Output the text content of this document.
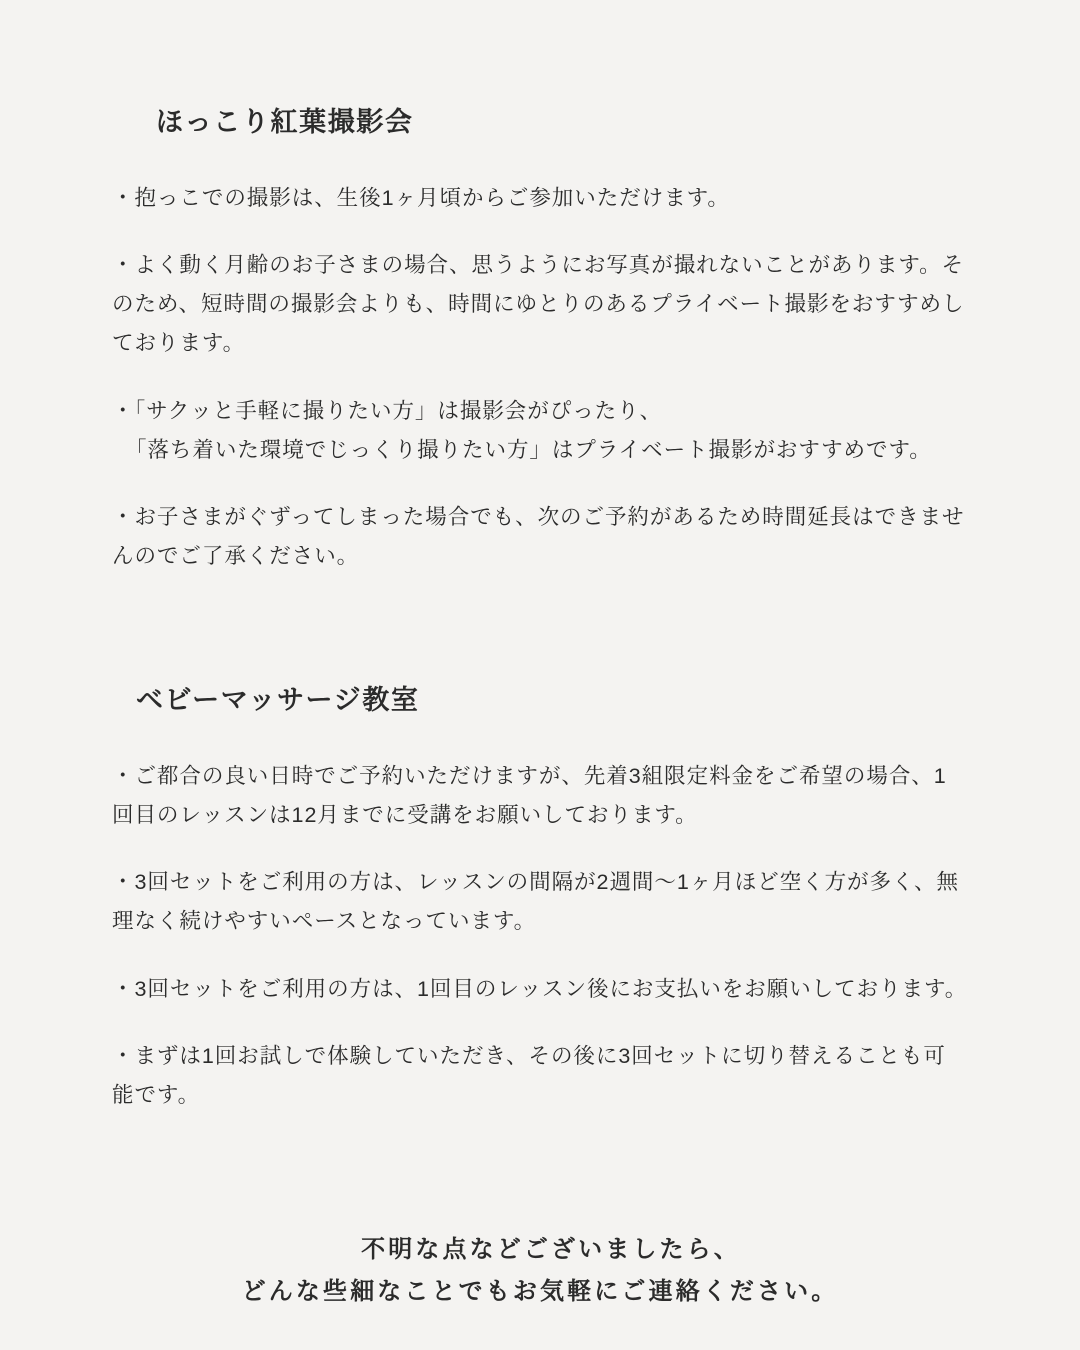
ほっこり紅葉撮影会

・抱っこでの撮影は、生後1ヶ月頃からご参加いただけます。

・よく動く月齢のお子さまの場合、思うようにお写真が撮れないことがあります。そのため、短時間の撮影会よりも、時間にゆとりのあるプライベート撮影をおすすめしております。

・「サクッと手軽に撮りたい方」は撮影会がぴったり、
「落ち着いた環境でじっくり撮りたい方」はプライベート撮影がおすすめです。

・お子さまがぐずってしまった場合でも、次のご予約があるため時間延長はできませんのでご了承ください。

ベビーマッサージ教室

・ご都合の良い日時でご予約いただけますが、先着3組限定料金をご希望の場合、1回目のレッスンは12月までに受講をお願いしております。

・3回セットをご利用の方は、レッスンの間隔が2週間〜1ヶ月ほど空く方が多く、無理なく続けやすいペースとなっています。

・3回セットをご利用の方は、1回目のレッスン後にお支払いをお願いしております。

・まずは1回お試しで体験していただき、その後に3回セットに切り替えることも可能です。

不明な点などございましたら、
どんな些細なことでもお気軽にご連絡ください。
